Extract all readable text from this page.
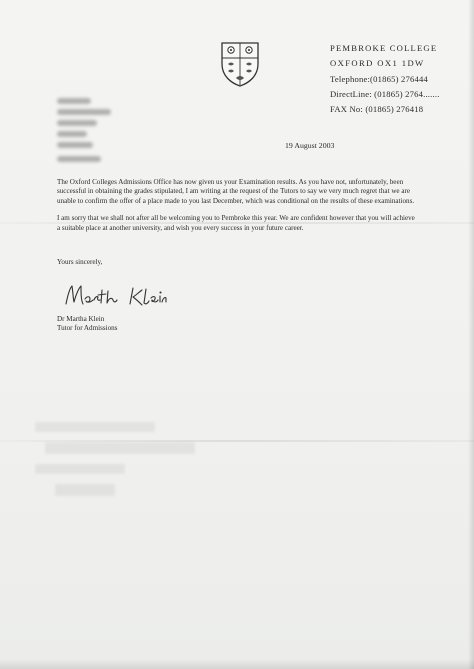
PEMBROKE COLLEGE
OXFORD OX1 1DW
Telephone:(01865) 276444
DirectLine: (01865) 2764.......
FAX No: (01865) 276418
19 August 2003

The Oxford Colleges Admissions Office has now given us your Examination results. As you have not, unfortunately, been successful in obtaining the grades stipulated, I am writing at the request of the Tutors to say we very much regret that we are unable to confirm the offer of a place made to you last December, which was conditional on the results of these examinations.

I am sorry that we shall not after all be welcoming you to Pembroke this year. We are confident however that you will achieve a suitable place at another university, and wish you every success in your future career.

Yours sincerely,
Dr Martha Klein
Tutor for Admissions
